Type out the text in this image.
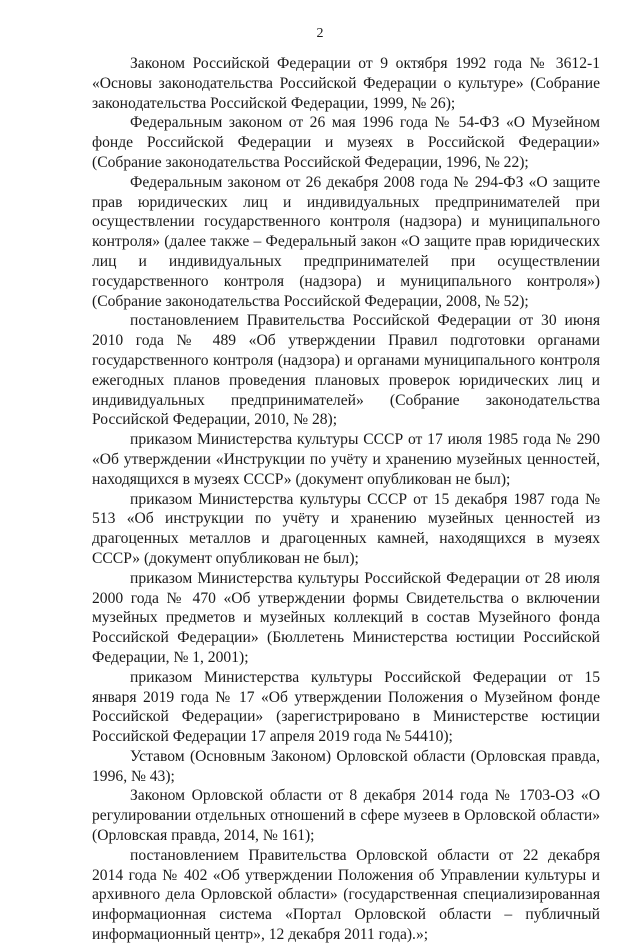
2

Законом Российской Федерации от 9 октября 1992 года № 3612-1 «Основы законодательства Российской Федерации о культуре» (Собрание законодательства Российской Федерации, 1999, № 26);

Федеральным законом от 26 мая 1996 года № 54-ФЗ «О Музейном фонде Российской Федерации и музеях в Российской Федерации» (Собрание законодательства Российской Федерации, 1996, № 22);

Федеральным законом от 26 декабря 2008 года № 294-ФЗ «О защите прав юридических лиц и индивидуальных предпринимателей при осуществлении государственного контроля (надзора) и муниципального контроля» (далее также – Федеральный закон «О защите прав юридических лиц и индивидуальных предпринимателей при осуществлении государственного контроля (надзора) и муниципального контроля») (Собрание законодательства Российской Федерации, 2008, № 52);

постановлением Правительства Российской Федерации от 30 июня 2010 года № 489 «Об утверждении Правил подготовки органами государственного контроля (надзора) и органами муниципального контроля ежегодных планов проведения плановых проверок юридических лиц и индивидуальных предпринимателей» (Собрание законодательства Российской Федерации, 2010, № 28);

приказом Министерства культуры СССР от 17 июля 1985 года № 290 «Об утверждении «Инструкции по учёту и хранению музейных ценностей, находящихся в музеях СССР» (документ опубликован не был);

приказом Министерства культуры СССР от 15 декабря 1987 года № 513 «Об инструкции по учёту и хранению музейных ценностей из драгоценных металлов и драгоценных камней, находящихся в музеях СССР» (документ опубликован не был);

приказом Министерства культуры Российской Федерации от 28 июля 2000 года № 470 «Об утверждении формы Свидетельства о включении музейных предметов и музейных коллекций в состав Музейного фонда Российской Федерации» (Бюллетень Министерства юстиции Российской Федерации, № 1, 2001);

приказом Министерства культуры Российской Федерации от 15 января 2019 года № 17 «Об утверждении Положения о Музейном фонде Российской Федерации» (зарегистрировано в Министерстве юстиции Российской Федерации 17 апреля 2019 года № 54410);

Уставом (Основным Законом) Орловской области (Орловская правда, 1996, № 43);

Законом Орловской области от 8 декабря 2014 года № 1703-ОЗ «О регулировании отдельных отношений в сфере музеев в Орловской области» (Орловская правда, 2014, № 161);

постановлением Правительства Орловской области от 22 декабря 2014 года № 402 «Об утверждении Положения об Управлении культуры и архивного дела Орловской области» (государственная специализированная информационная система «Портал Орловской области – публичный информационный центр», 12 декабря 2011 года).»;
